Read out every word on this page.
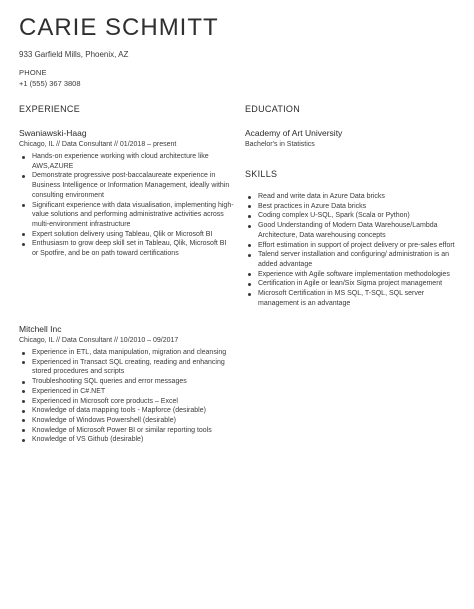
CARIE SCHMITT
933 Garfield Mills, Phoenix, AZ
PHONE
+1 (555) 367 3808
EXPERIENCE
Swaniawski-Haag
Chicago, IL // Data Consultant // 01/2018 – present
Hands-on experience working with cloud architecture like AWS,AZURE
Demonstrate progressive post-baccalaureate experience in Business Intelligence or Information Management, ideally within consulting environment
Significant experience with data visualisation, implementing high-value solutions and performing administrative activities across multi-environment infrastructure
Expert solution delivery using Tableau, Qlik or Microsoft BI
Enthusiasm to grow deep skill set in Tableau, Qlik, Microsoft BI or Spotfire, and be on path toward certifications
Mitchell Inc
Chicago, IL // Data Consultant // 10/2010 – 09/2017
Experience in ETL, data manipulation, migration and cleansing
Experienced in Transact SQL creating, reading and enhancing stored procedures and scripts
Troubleshooting SQL queries and error messages
Experienced in C#.NET
Experienced in Microsoft core products – Excel
Knowledge of data mapping tools - Mapforce (desirable)
Knowledge of Windows Powershell (desirable)
Knowledge of Microsoft Power BI or similar reporting tools
Knowledge of VS Github (desirable)
EDUCATION
Academy of Art University
Bachelor's in Statistics
SKILLS
Read and write data in Azure Data bricks
Best practices in Azure Data bricks
Coding complex U-SQL, Spark (Scala or Python)
Good Understanding of Modern Data Warehouse/Lambda Architecture, Data warehousing concepts
Effort estimation in support of project delivery or pre-sales effort
Talend server installation and configuring/ administration is an added advantage
Experience with Agile software implementation methodologies
Certification in Agile or lean/Six Sigma project management
Microsoft Certification in MS SQL, T-SQL, SQL server management is an advantage
